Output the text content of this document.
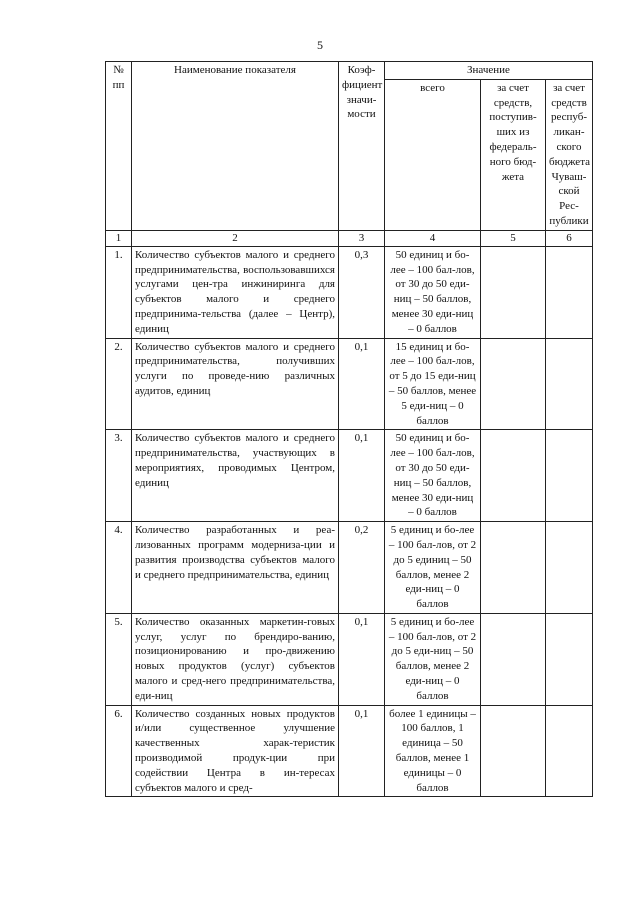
5
№ пп	Наименование показателя	Коэф-фициент значи-мости	Значение		
			всего	за счет средств, поступив-ших из федераль-ного бюд-жета	за счет средств респуб-ликан-ского бюджета Чуваш-ской Рес-публики
1	2	3	4	5	6
1.	Количество субъектов малого и среднего предпринимательства, воспользовавшихся услугами цен-тра инжиниринга для субъектов малого и среднего предпринима-тельства (далее – Центр), единиц	0,3	50 единиц и бо-лее – 100 бал-лов, от 30 до 50 еди-ниц – 50 баллов, менее 30 еди-ниц – 0 баллов		
2.	Количество субъектов малого и среднего предпринимательства, получивших услуги по проведе-нию различных аудитов, единиц	0,1	15 единиц и бо-лее – 100 бал-лов, от 5 до 15 еди-ниц – 50 баллов, менее 5 еди-ниц – 0 баллов		
3.	Количество субъектов малого и среднего предпринимательства, участвующих в мероприятиях, проводимых Центром, единиц	0,1	50 единиц и бо-лее – 100 бал-лов, от 30 до 50 еди-ниц – 50 баллов, менее 30 еди-ниц – 0 баллов		
4.	Количество разработанных и реа-лизованных программ модерниза-ции и развития производства субъектов малого и среднего предпринимательства, единиц	0,2	5 единиц и бо-лее – 100 бал-лов, от 2 до 5 единиц – 50 баллов, менее 2 еди-ниц – 0 баллов		
5.	Количество оказанных маркетин-говых услуг, услуг по брендиро-ванию, позиционированию и про-движению новых продуктов (услуг) субъектов малого и сред-него предпринимательства, еди-ниц	0,1	5 единиц и бо-лее – 100 бал-лов, от 2 до 5 еди-ниц – 50 баллов, менее 2 еди-ниц – 0 баллов		
6.	Количество созданных новых продуктов и/или существенное улучшение качественных харак-теристик производимой продук-ции при содействии Центра в ин-тересах субъектов малого и сред-	0,1	более 1 единицы – 100 баллов, 1 единица – 50 баллов, менее 1 единицы – 0 баллов		
